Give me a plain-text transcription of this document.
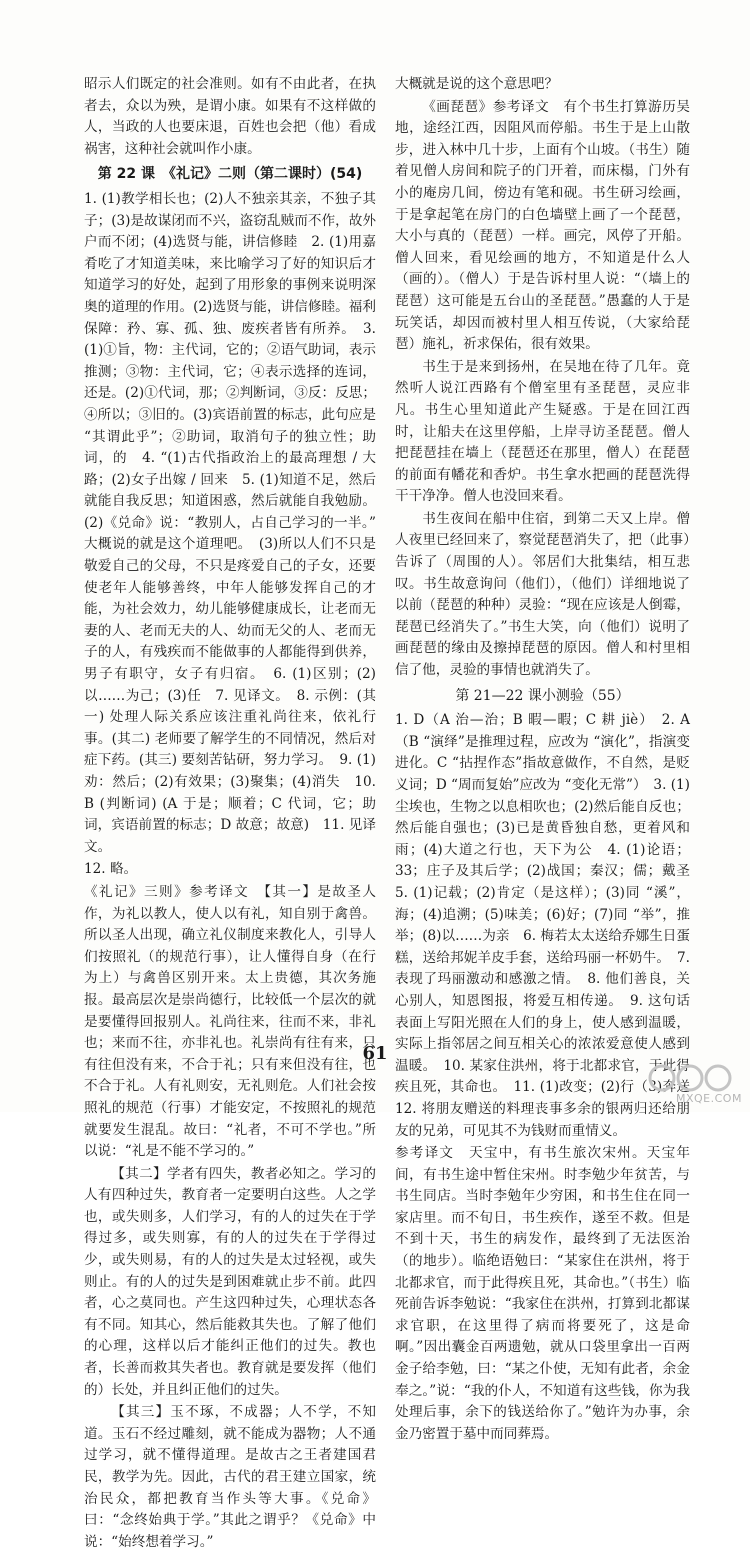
昭示人们既定的社会准则。如有不由此者，在执者去，众以为殃，是谓小康。如果有不这样做的人，当政的人也要床退，百姓也会把（他）看成祸害，这种社会就叫作小康。

第 22 课　《礼记》二则（第二课时）(54)

1. (1)教学相长也；(2)人不独亲其亲，不独子其子；(3)是故谋闭而不兴，盗窃乱贼而不作，故外户而不闭；(4)选贤与能，讲信修睦　2. (1)用嘉肴吃了才知道美味，来比喻学习了好的知识后才知道学习的好处，起到了用形象的事例来说明深奥的道理的作用。(2)选贤与能，讲信修睦。福利保障：矜、寡、孤、独、废疾者皆有所养。　3. (1)①旨，物：主代词，它的；②语气助词，表示推测；③物：主代词，它；④表示选择的连词，还是。(2)①代词，那；②判断词，③反：反思；④所以；③旧的。(3)宾语前置的标志，此句应是 “其谓此乎”；②助词，取消句子的独立性；助词，的　4. “(1)古代指政治上的最高理想 / 大路；(2)女子出嫁 / 回来　5. (1)知道不足，然后就能自我反思；知道困惑，然后就能自我勉励。(2)《兑命》说：“教别人，占自己学习的一半。” 大概说的就是这个道理吧。　(3)所以人们不只是敬爱自己的父母，不只是疼爱自己的子女，还要使老年人能够善终，中年人能够发挥自己的才能，为社会效力，幼儿能够健康成长，让老而无妻的人、老而无夫的人、幼而无父的人、老而无子的人，有残疾而不能做事的人都能得到供养，男子有职守，女子有归宿。　6. (1)区别；(2)以……为己；(3)任　7. 见译文。　8. 示例：(其一) 处理人际关系应该注重礼尚往来，依礼行事。(其二) 老师要了解学生的不同情况，然后对症下药。(其三) 要刻苦钻研，努力学习。　9. (1)劝：然后；(2)有效果；(3)聚集；(4)消失　10. B (判断词) (A 于是；顺着；C 代词，它；助词，宾语前置的标志；D 故意；故意)　11. 见译文。

12. 略。

《礼记》三则》参考译文　【其一】是故圣人作，为礼以教人，使人以有礼，知自别于禽兽。所以圣人出现，确立礼仪制度来教化人，引导人们按照礼（的规范行事），让人懂得自身（在行为上）与禽兽区别开来。太上贵德，其次务施报。最高层次是崇尚德行，比较低一个层次的就是要懂得回报别人。礼尚往来，往而不来，非礼也；来而不往，亦非礼也。礼崇尚有往有来，只有往但没有来，不合于礼；只有来但没有往，也不合于礼。人有礼则安，无礼则危。人们社会按照礼的规范（行事）才能安定，不按照礼的规范就要发生混乱。故曰：“礼者，不可不学也。”所以说：“礼是不能不学习的。”

【其二】学者有四失，教者必知之。学习的人有四种过失，教育者一定要明白这些。人之学也，或失则多，人们学习，有的人的过失在于学得过多，或失则寡，有的人的过失在于学得过少，或失则易，有的人的过失是太过轻视，或失则止。有的人的过失是到困难就止步不前。此四者，心之莫同也。产生这四种过失，心理状态各有不同。知其心，然后能救其失也。了解了他们的心理，这样以后才能纠正他们的过失。教也者，长善而救其失者也。教育就是要发挥（他们的）长处，并且纠正他们的过失。

【其三】玉不琢，不成器；人不学，不知道。玉石不经过雕刻，就不能成为器物；人不通过学习，就不懂得道理。是故古之王者建国君民，教学为先。因此，古代的君王建立国家，统治民众，都把教育当作头等大事。《兑命》曰：“念终始典于学。”其此之谓乎？《兑命》中说：“始终想着学习。”

大概就是说的这个意思吧？

《画琵琶》参考译文　有个书生打算游历吴地，途经江西，因阻风而停船。书生于是上山散步，进入林中几十步，上面有个山坡。（书生）随着见僧人房间和院子的门开着，而床榻，门外有小的庵房几间，傍边有笔和砚。书生研习绘画，于是拿起笔在房门的白色墙壁上画了一个琵琶，大小与真的（琵琶）一样。画完，风停了开船。僧人回来，看见绘画的地方，不知道是什么人（画的）。（僧人）于是告诉村里人说：“（墙上的琵琶）这可能是五台山的圣琵琶。”愚蠢的人于是玩笑话，却因而被村里人相互传说，（大家给琵琶）施礼，祈求保佑，很有效果。

书生于是来到扬州，在吴地在待了几年。竟然听人说江西路有个僧室里有圣琵琶，灵应非凡。书生心里知道此产生疑惑。于是在回江西时，让船夫在这里停船，上岸寻访圣琵琶。僧人把琵琶挂在墙上（琵琶还在那里，僧人）在琵琶的前面有幡花和香炉。书生拿水把画的琵琶洗得干干净净。僧人也没回来看。

书生夜间在船中住宿，到第二天又上岸。僧人夜里已经回来了，察觉琵琶消失了，把（此事）告诉了（周围的人）。邻居们大批集结，相互悲叹。书生故意询问（他们），（他们）详细地说了以前（琵琶的种种）灵验：“现在应该是人倒霉，琵琶已经消失了。”书生大笑，向（他们）说明了画琵琶的缘由及擦掉琵琶的原因。僧人和村里相信了他，灵验的事情也就消失了。

第 21—22 课小测验（55）

1. D（A 治—治；B 暇—暇；C 耕 jiè）　2. A（B “演绎”是推理过程，应改为 “演化”，指演变进化。C “拈捏作态”指故意做作，不自然，是贬义词；D “周而复始”应改为 “变化无常”）　3. (1)尘埃也，生物之以息相吹也；(2)然后能自反也；然后能自强也；(3)已是黄昏独自愁，更着风和雨；(4)大道之行也，天下为公　4. (1)论语；33；庄子及其后学；(2)战国；秦汉；儒；戴圣　5. (1)记载；(2)肯定（是这样）；(3)同 “溪”，海；(4)追溯；(5)味美；(6)好；(7)同 “举”，推举；(8)以……为亲　6. 梅若太太送给乔娜生日蛋糕，送给邦妮羊皮手套，送给玛丽一杯奶牛。　7. 表现了玛丽激动和感激之情。　8. 他们善良，关心别人，知恩图报，将爱互相传递。　9. 这句话表面上写阳光照在人们的身上，使人感到温暖，实际上指邻居之间互相关心的浓浓爱意使人感到温暖。　10. 某家住洪州，将于北都求官，于此得疾且死，其命也。　11. (1)改变；(2)行（3)奔送　12. 将朋友赠送的料理丧事多余的银两归还给朋友的兄弟，可见其不为钱财而重情义。

参考译文　天宝中，有书生旅次宋州。天宝年间，有书生途中暂住宋州。时李勉少年贫苦，与书生同店。当时李勉年少穷困，和书生住在同一家店里。而不旬日，书生疾作，遂至不救。但是不到十天，书生的病发作，最终到了无法医治（的地步）。临绝语勉曰：“某家住在洪州，将于北都求官，而于此得疾且死，其命也。”（书生）临死前告诉李勉说：“我家住在洪州，打算到北都谋求官职，在这里得了病而将要死了，这是命啊。”因出囊金百两遗勉，就从口袋里拿出一百两金子给李勉，曰：“某之仆使，无知有此者，余金奉之。”说：“我的仆人，不知道有这些钱，你为我处理后事，余下的钱送给你了。”勉许为办事，余金乃密置于墓中而同葬焉。

61
MXQE.COM
